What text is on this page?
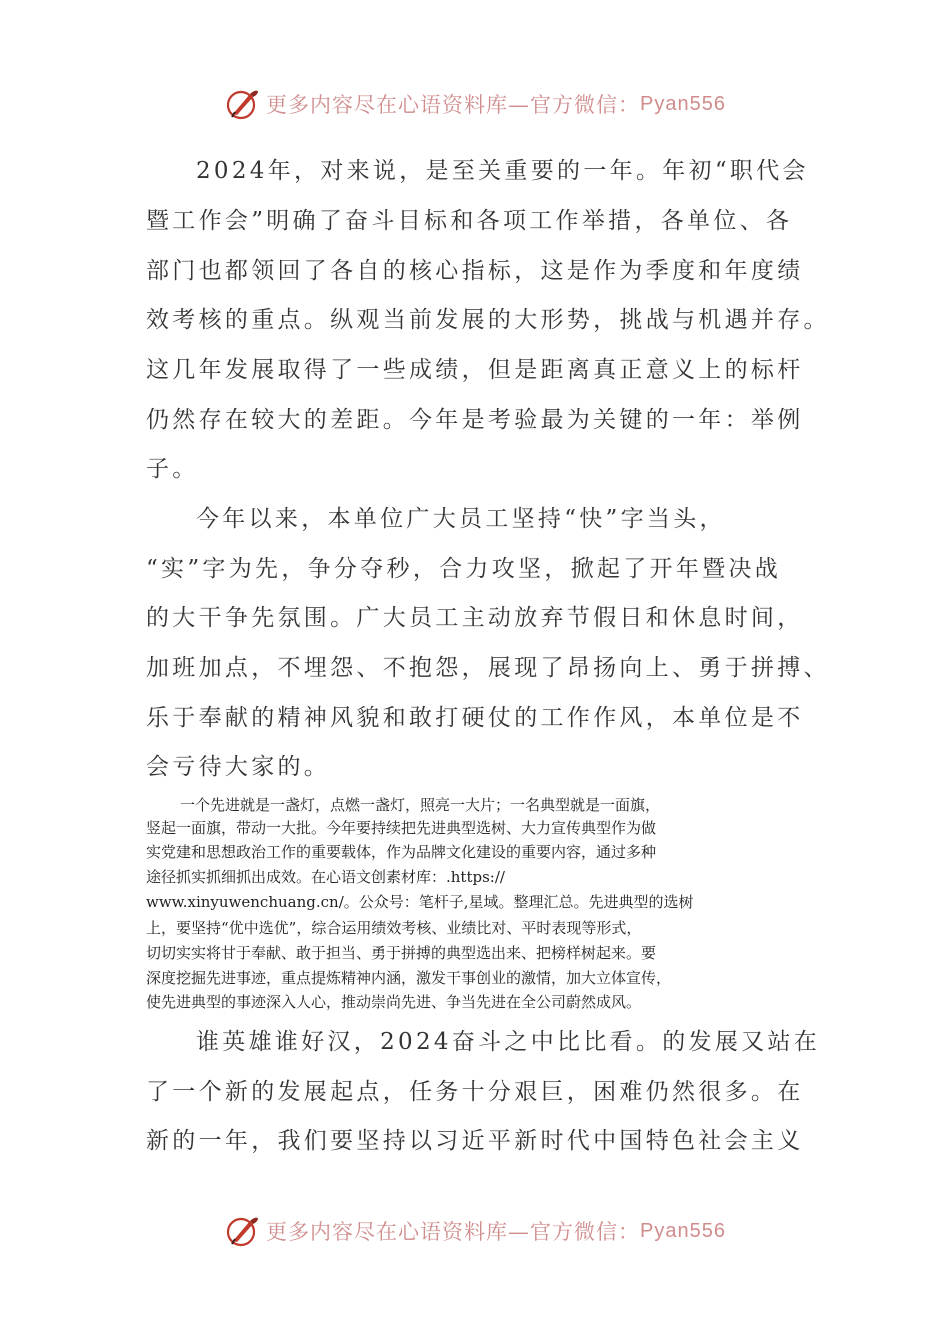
更多内容尽在心语资料库—官方微信： Pyan556
2024年，对来说，是至关重要的一年。年初“职代会
暨工作会”明确了奋斗目标和各项工作举措，各单位、各
部门也都领回了各自的核心指标，这是作为季度和年度绩
效考核的重点。纵观当前发展的大形势，挑战与机遇并存。
这几年发展取得了一些成绩，但是距离真正意义上的标杆
仍然存在较大的差距。今年是考验最为关键的一年：举例
子。
今年以来，本单位广大员工坚持“快”字当头，
“实”字为先，争分夺秒，合力攻坚，掀起了开年暨决战
的大干争先氛围。广大员工主动放弃节假日和休息时间，
加班加点，不埋怨、不抱怨，展现了昂扬向上、勇于拼搏、
乐于奉献的精神风貌和敢打硬仗的工作作风，本单位是不
会亏待大家的。
一个先进就是一盏灯，点燃一盏灯，照亮一大片；一名典型就是一面旗，
竖起一面旗，带动一大批。今年要持续把先进典型选树、大力宣传典型作为做
实党建和思想政治工作的重要载体，作为品牌文化建设的重要内容，通过多种
途径抓实抓细抓出成效。在心语文创素材库：.https://
www.xinyuwenchuang.cn/。公众号：笔杆子,星域。整理汇总。先进典型的选树
上，要坚持“优中选优”，综合运用绩效考核、业绩比对、平时表现等形式，
切切实实将甘于奉献、敢于担当、勇于拼搏的典型选出来、把榜样树起来。要
深度挖掘先进事迹，重点提炼精神内涵，激发干事创业的激情，加大立体宣传，
使先进典型的事迹深入人心，推动崇尚先进、争当先进在全公司蔚然成风。
谁英雄谁好汉，2024奋斗之中比比看。的发展又站在
了一个新的发展起点，任务十分艰巨，困难仍然很多。在
新的一年，我们要坚持以习近平新时代中国特色社会主义
更多内容尽在心语资料库—官方微信： Pyan556
